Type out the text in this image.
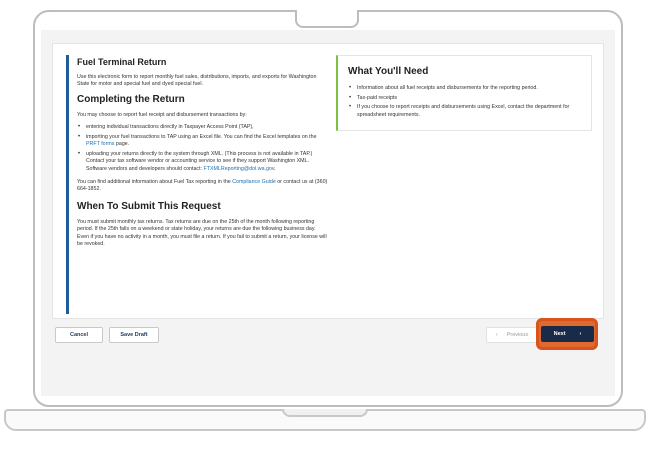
Fuel Terminal Return

Use this electronic form to report monthly fuel sales, distributions, imports, and exports for Washington State for motor and special fuel and dyed special fuel.

Completing the Return

You may choose to report fuel receipt and disbursement transactions by:

• entering individual transactions directly in Taxpayer Access Point (TAP),
• importing your fuel transactions to TAP using an Excel file. You can find the Excel templates on the PRFT forms page.
• uploading your returns directly to the system through XML. (This process is not available in TAP.) Contact your tax software vendor or accounting service to see if they support Washington XML. Software vendors and developers should contact: FTXMLReporting@dol.wa.gov.

You can find additional information about Fuel Tax reporting in the Compliance Guide or contact us at (360) 664-1852.

When To Submit This Request

You must submit monthly tax returns. Tax returns are due on the 25th of the month following reporting period. If the 25th falls on a weekend or state holiday, your returns are due the following business day. Even if you have no activity in a month, you must file a return. If you fail to submit a return, your license will be revoked.

What You'll Need
• Information about all fuel receipts and disbursements for the reporting period.
• Tax-paid receipts
• If you choose to report receipts and disbursements using Excel, contact the department for spreadsheet requirements.
Cancel	Save Draft	‹ Previous	Next	›
